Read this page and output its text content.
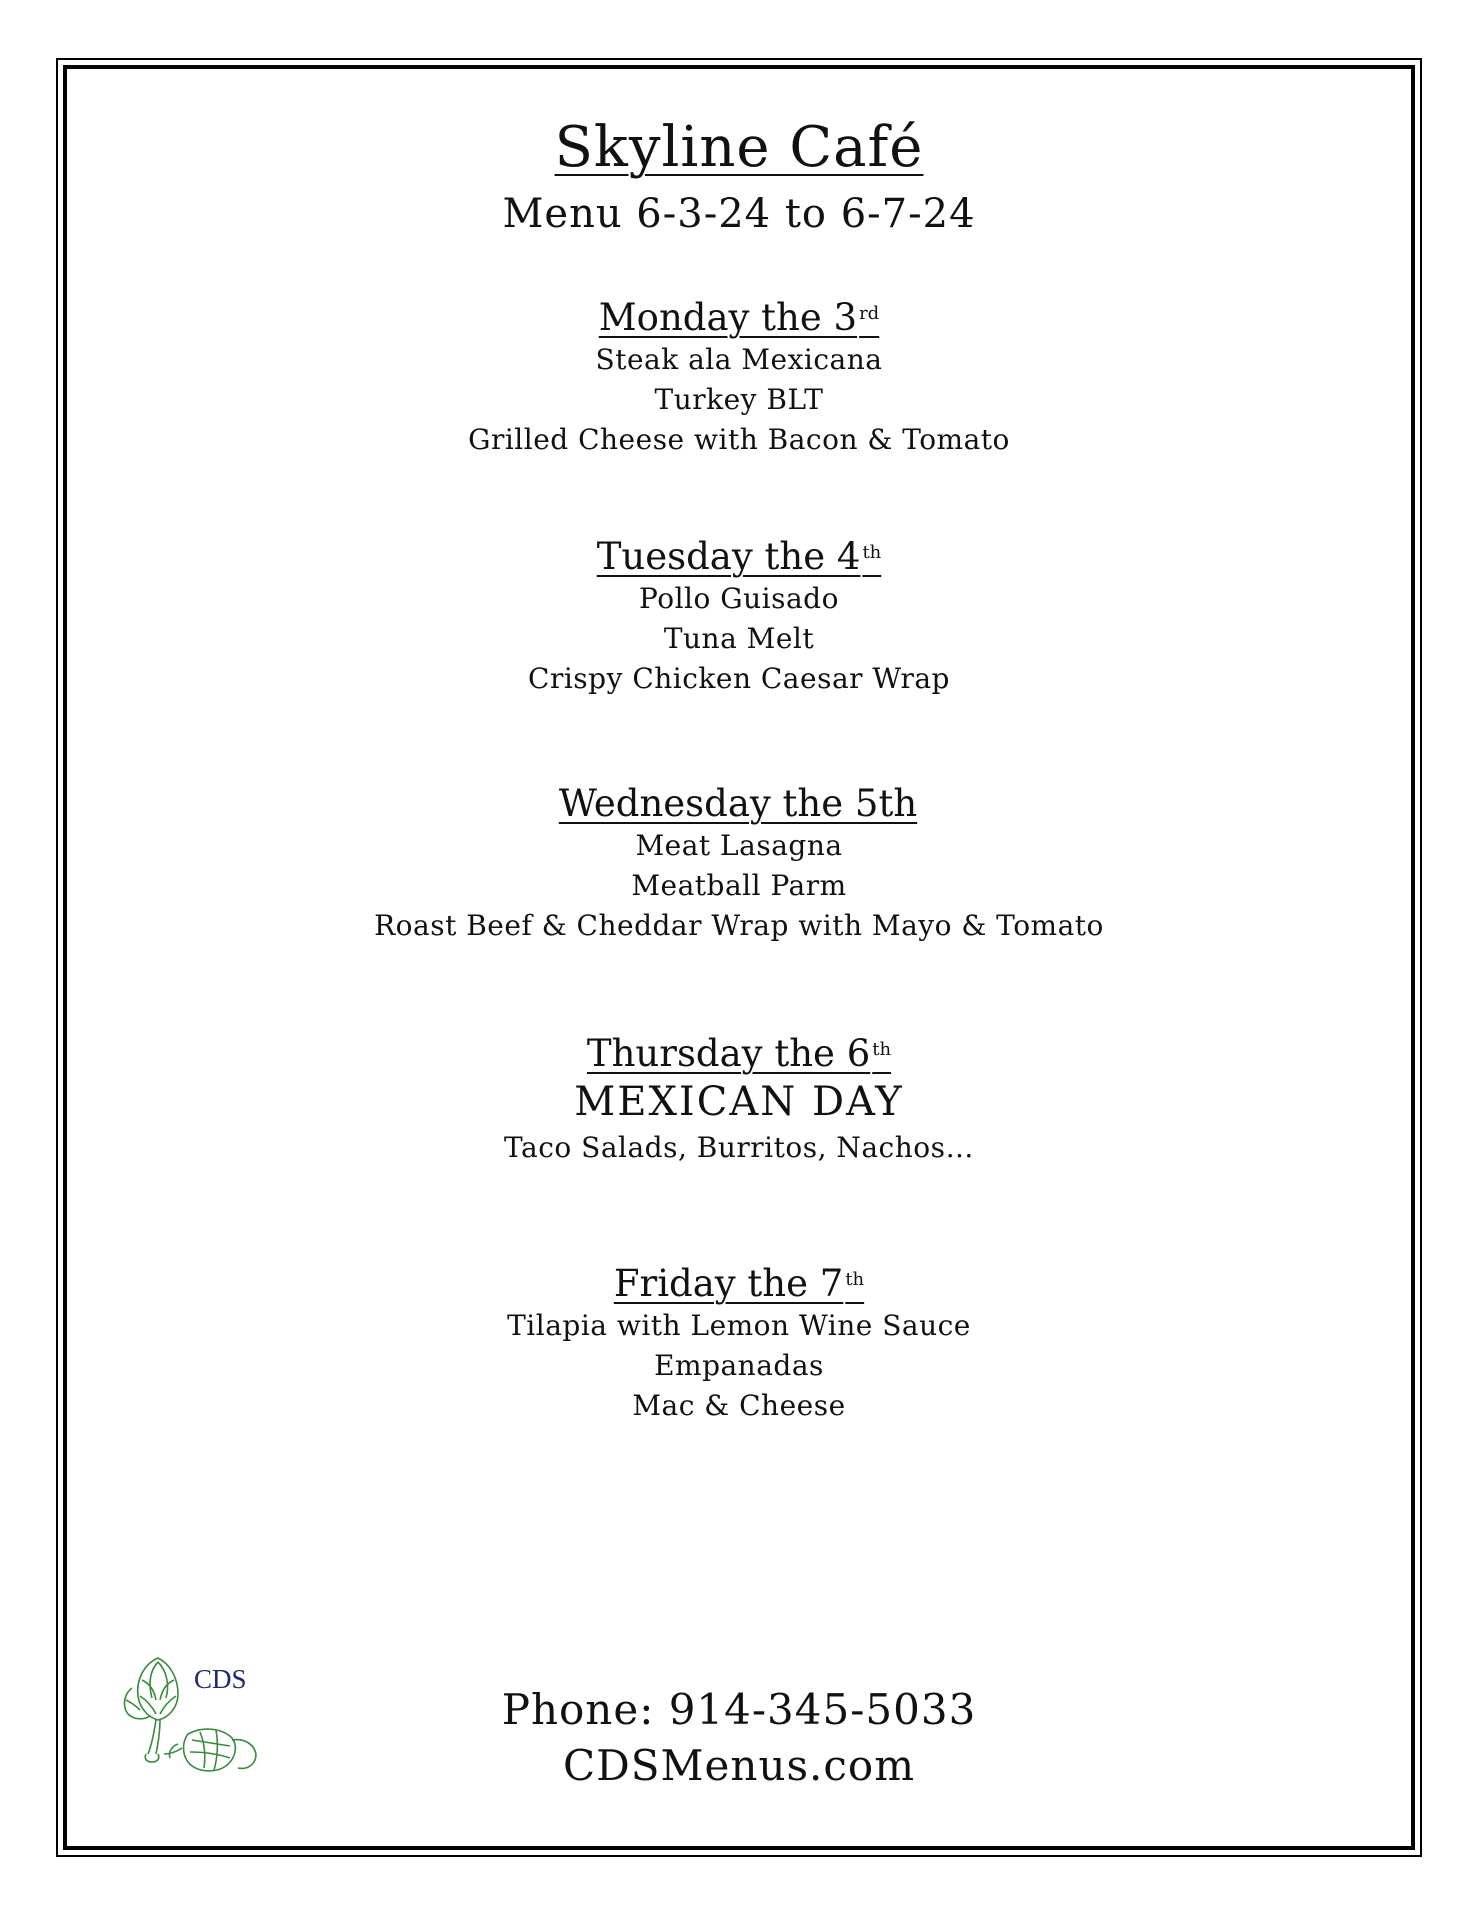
Skyline Café
Menu 6-3-24 to 6-7-24
Monday the 3 $^{rd}$
Steak ala Mexicana
Turkey BLT
Grilled Cheese with Bacon & Tomato
Tuesday the 4 $^{th}$
Pollo Guisado
Tuna Melt
Crispy Chicken Caesar Wrap
Wednesday the 5th
Meat Lasagna
Meatball Parm
Roast Beef & Cheddar Wrap with Mayo & Tomato
Thursday the 6 $^{th}$
MEXICAN DAY
Taco Salads, Burritos, Nachos…
Friday the 7 $^{th}$
Tilapia with Lemon Wine Sauce
Empanadas
Mac & Cheese
Phone: 914-345-5033
CDSMenus.com
CDS
